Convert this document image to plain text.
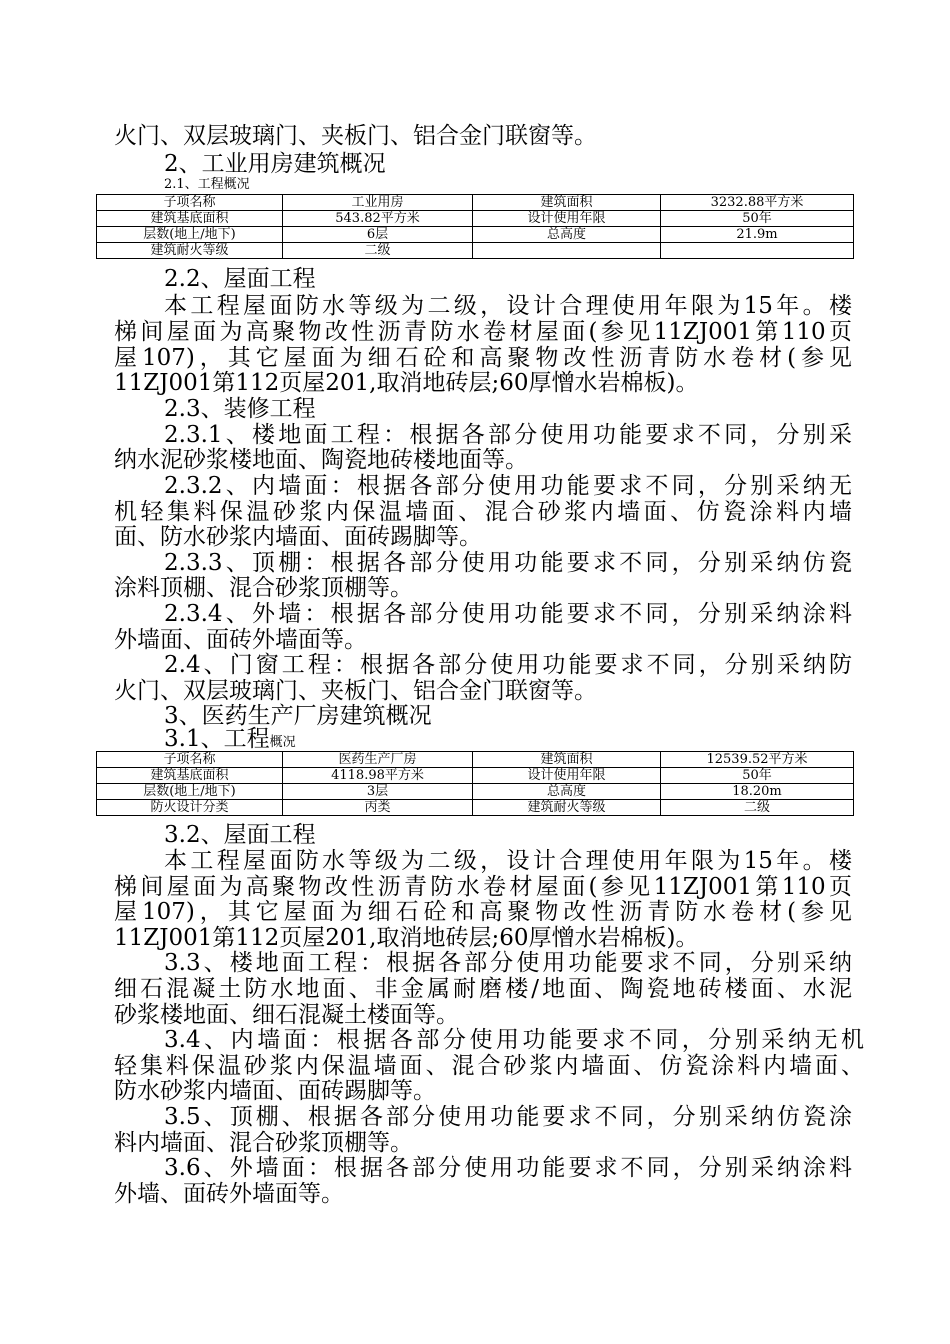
火门、双层玻璃门、夹板门、铝合金门联窗等。
2、工业用房建筑概况
2.1、工程概况
子项名称	工业用房	建筑面积	3232.88平方米
建筑基底面积	543.82平方米	设计使用年限	50年
层数(地上/地下)	6层	总高度	21.9m
建筑耐火等级	二级		
2.2、屋面工程
本工程屋面防水等级为二级，设计合理使用年限为15年。楼
梯间屋面为高聚物改性沥青防水卷材屋面(参见11ZJ001第110页
屋107)，其它屋面为细石砼和高聚物改性沥青防水卷材(参见
11ZJ001第112页屋201,取消地砖层;60厚憎水岩棉板)。
2.3、装修工程
2.3.1、楼地面工程：根据各部分使用功能要求不同，分别采
纳水泥砂浆楼地面、陶瓷地砖楼地面等。
2.3.2、内墙面：根据各部分使用功能要求不同，分别采纳无
机轻集料保温砂浆内保温墙面、混合砂浆内墙面、仿瓷涂料内墙
面、防水砂浆内墙面、面砖踢脚等。
2.3.3、顶棚：根据各部分使用功能要求不同，分别采纳仿瓷
涂料顶棚、混合砂浆顶棚等。
2.3.4、外墙：根据各部分使用功能要求不同，分别采纳涂料
外墙面、面砖外墙面等。
2.4、门窗工程：根据各部分使用功能要求不同，分别采纳防
火门、双层玻璃门、夹板门、铝合金门联窗等。
3、医药生产厂房建筑概况
3.1、工程概况
子项名称	医药生产厂房	建筑面积	12539.52平方米
建筑基底面积	4118.98平方米	设计使用年限	50年
层数(地上/地下)	3层	总高度	18.20m
防火设计分类	丙类	建筑耐火等级	二级
3.2、屋面工程
本工程屋面防水等级为二级，设计合理使用年限为15年。楼
梯间屋面为高聚物改性沥青防水卷材屋面(参见11ZJ001第110页
屋107)，其它屋面为细石砼和高聚物改性沥青防水卷材(参见
11ZJ001第112页屋201,取消地砖层;60厚憎水岩棉板)。
3.3、楼地面工程：根据各部分使用功能要求不同，分别采纳
细石混凝土防水地面、非金属耐磨楼/地面、陶瓷地砖楼面、水泥
砂浆楼地面、细石混凝土楼面等。
3.4、内墙面：根据各部分使用功能要求不同，分别采纳无机
轻集料保温砂浆内保温墙面、混合砂浆内墙面、仿瓷涂料内墙面、
防水砂浆内墙面、面砖踢脚等。
3.5、顶棚、根据各部分使用功能要求不同，分别采纳仿瓷涂
料内墙面、混合砂浆顶棚等。
3.6、外墙面：根据各部分使用功能要求不同，分别采纳涂料
外墙、面砖外墙面等。
